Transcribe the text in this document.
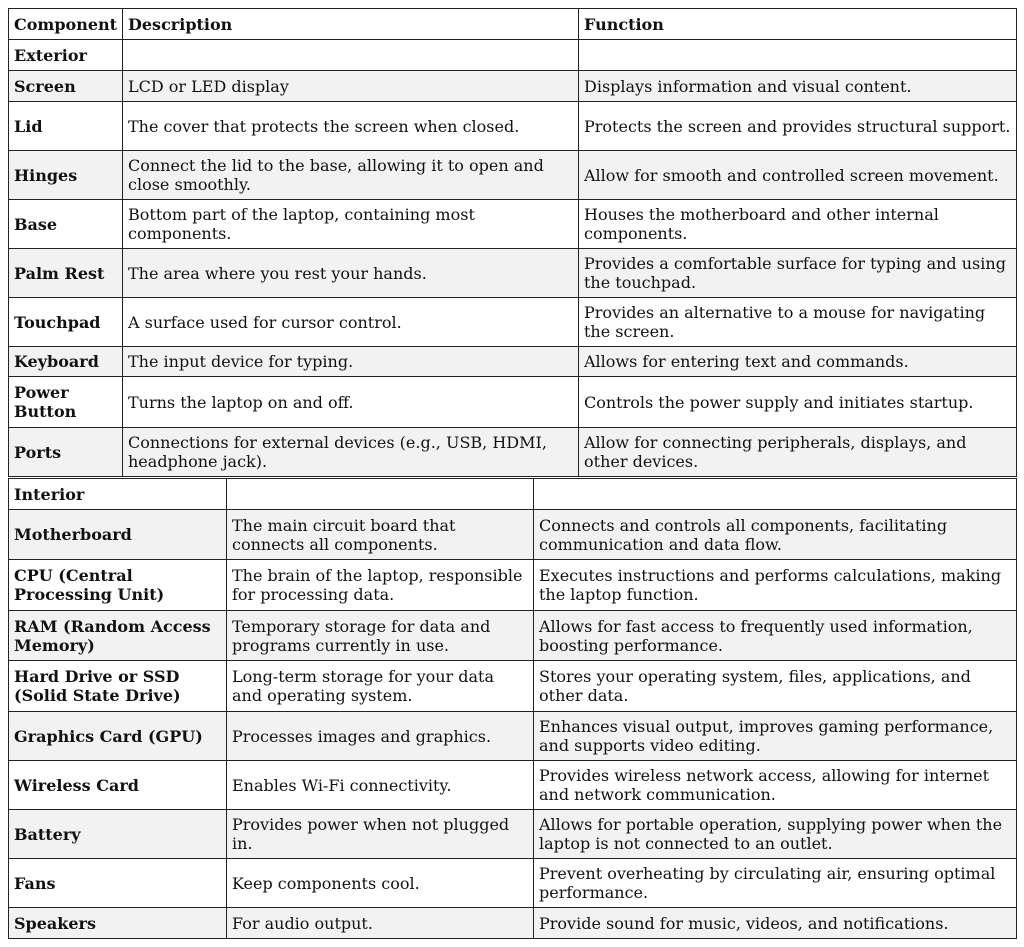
Component	Description	Function
Exterior		
Screen	LCD or LED display	Displays information and visual content.
Lid	The cover that protects the screen when closed.	Protects the screen and provides structural support.
Hinges	Connect the lid to the base, allowing it to open and close smoothly.	Allow for smooth and controlled screen movement.
Base	Bottom part of the laptop, containing most components.	Houses the motherboard and other internal components.
Palm Rest	The area where you rest your hands.	Provides a comfortable surface for typing and using the touchpad.
Touchpad	A surface used for cursor control.	Provides an alternative to a mouse for navigating the screen.
Keyboard	The input device for typing.	Allows for entering text and commands.
Power Button	Turns the laptop on and off.	Controls the power supply and initiates startup.
Ports	Connections for external devices (e.g., USB, HDMI, headphone jack).	Allow for connecting peripherals, displays, and other devices.
Interior		
Motherboard	The main circuit board that connects all components.	Connects and controls all components, facilitating communication and data flow.
CPU (Central Processing Unit)	The brain of the laptop, responsible for processing data.	Executes instructions and performs calculations, making the laptop function.
RAM (Random Access Memory)	Temporary storage for data and programs currently in use.	Allows for fast access to frequently used information, boosting performance.
Hard Drive or SSD (Solid State Drive)	Long-term storage for your data and operating system.	Stores your operating system, files, applications, and other data.
Graphics Card (GPU)	Processes images and graphics.	Enhances visual output, improves gaming performance, and supports video editing.
Wireless Card	Enables Wi-Fi connectivity.	Provides wireless network access, allowing for internet and network communication.
Battery	Provides power when not plugged in.	Allows for portable operation, supplying power when the laptop is not connected to an outlet.
Fans	Keep components cool.	Prevent overheating by circulating air, ensuring optimal performance.
Speakers	For audio output.	Provide sound for music, videos, and notifications.
